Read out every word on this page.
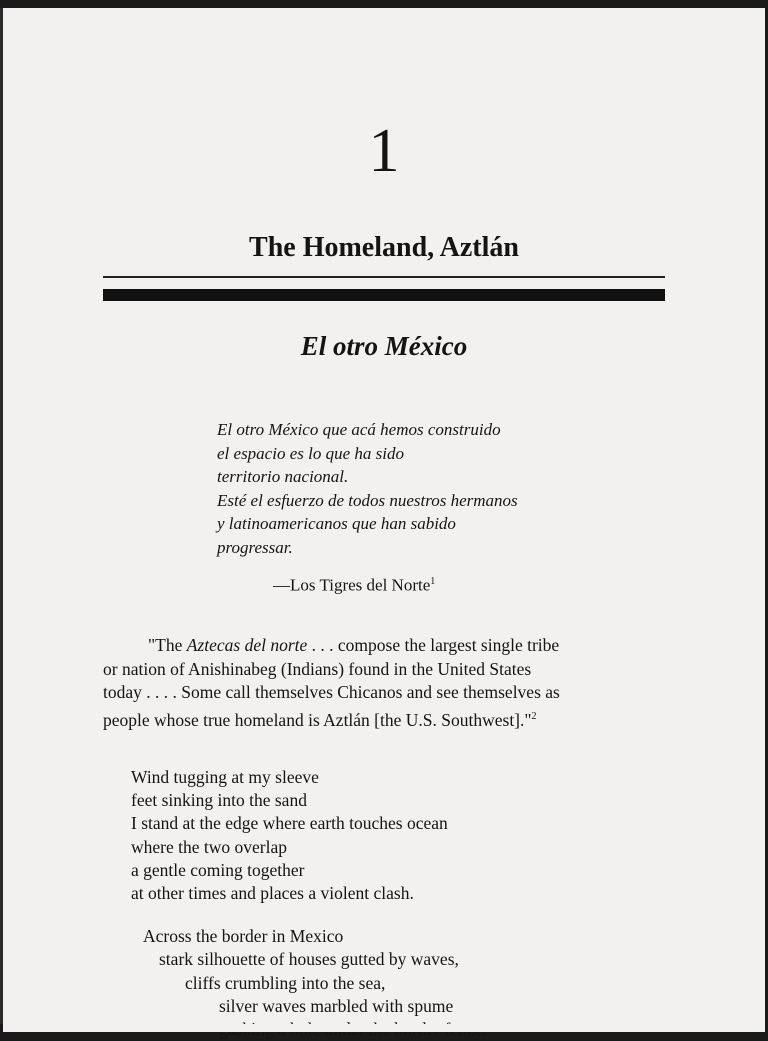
1
The Homeland, Aztlán
El otro México
El otro México que acá hemos construido
el espacio es lo que ha sido
territorio nacional.
Esté el esfuerzo de todos nuestros hermanos
y latinoamericanos que han sabido
progressar.
—Los Tigres del Norte$^1$
"The Aztecas del norte . . . compose the largest single tribe
or nation of Anishinabeg (Indians) found in the United States
today . . . . Some call themselves Chicanos and see themselves as
people whose true homeland is Aztlán [the U.S. Southwest]."$^2$
Wind tugging at my sleeve
feet sinking into the sand
I stand at the edge where earth touches ocean
where the two overlap
a gentle coming together
at other times and places a violent clash.
Across the border in Mexico
stark silhouette of houses gutted by waves,
cliffs crumbling into the sea,
silver waves marbled with spume
